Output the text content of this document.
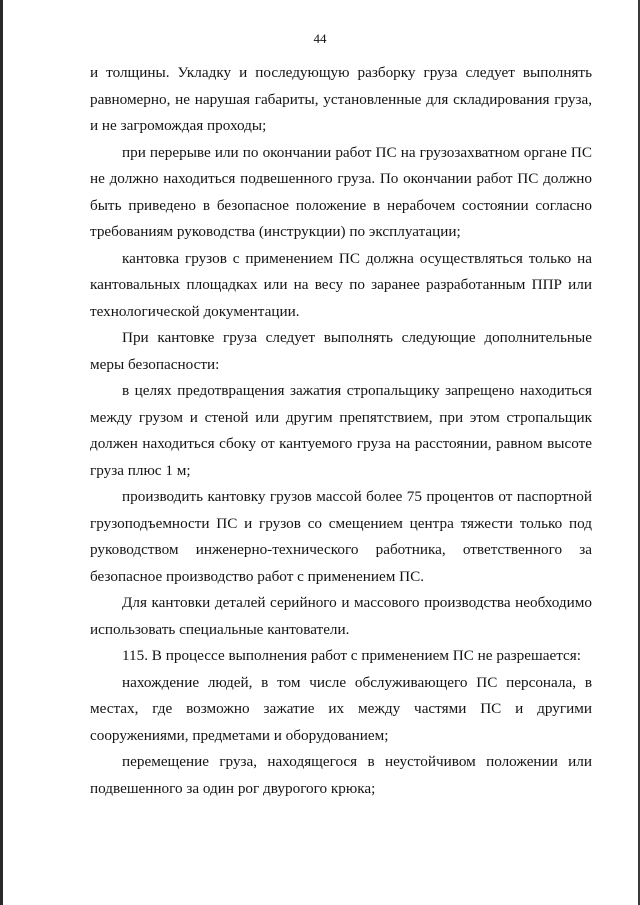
44

и толщины. Укладку и последующую разборку груза следует выполнять равномерно, не нарушая габариты, установленные для складирования груза, и не загромождая проходы;

при перерыве или по окончании работ ПС на грузозахватном органе ПС не должно находиться подвешенного груза. По окончании работ ПС должно быть приведено в безопасное положение в нерабочем состоянии согласно требованиям руководства (инструкции) по эксплуатации;

кантовка грузов с применением ПС должна осуществляться только на кантовальных площадках или на весу по заранее разработанным ППР или технологической документации.

При кантовке груза следует выполнять следующие дополнительные меры безопасности:

в целях предотвращения зажатия стропальщику запрещено находиться между грузом и стеной или другим препятствием, при этом стропальщик должен находиться сбоку от кантуемого груза на расстоянии, равном высоте груза плюс 1 м;

производить кантовку грузов массой более 75 процентов от паспортной грузоподъемности ПС и грузов со смещением центра тяжести только под руководством инженерно-технического работника, ответственного за безопасное производство работ с применением ПС.

Для кантовки деталей серийного и массового производства необходимо использовать специальные кантователи.

115. В процессе выполнения работ с применением ПС не разрешается:

нахождение людей, в том числе обслуживающего ПС персонала, в местах, где возможно зажатие их между частями ПС и другими сооружениями, предметами и оборудованием;

перемещение груза, находящегося в неустойчивом положении или подвешенного за один рог двурогого крюка;
